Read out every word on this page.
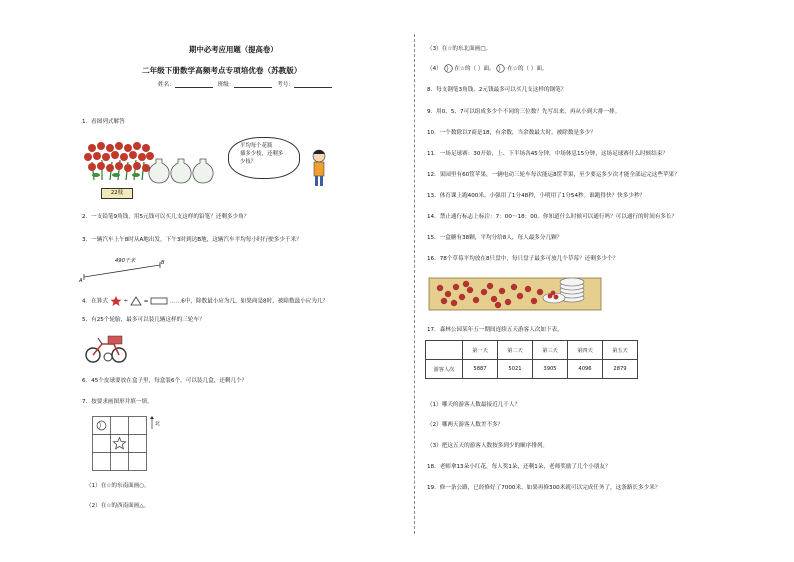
期中必考应用题（提高卷）
二年级下册数学高频考点专项培优卷（苏教版）
姓名：	班级：	考号：
1．看图列式解答
22枝
平均每个花瓶
插多少枝，还剩多
少枝？
2．一支铅笔9角钱，用5元钱可以买几支这样的铅笔？还剩多少角？
3．一辆汽车上午8时从A地出发，下午3时到达B地，这辆汽车平均每小时行驶多少千米？
490千米
A
B
4．在算式	÷	=	……6中，除数最小应为几，如果商是8时，被除数最小应为几？
5．有25个轮胎，最多可以装几辆这样的三轮车？
6．45个皮球要放在盒子里，每盒装6个，可以装几盒，还剩几个？
7．按要求画图形并填一填。
北
（1）在☆的东南面画○。
（2）在☆的西南面画△。
（3）在☆的东北面画□。
（4） 在☆的（ ）面， 在☆的（ ）面。
8．每支钢笔3角钱，2元钱最多可以买几支这样的钢笔？
9．用0、5、7可以组成多少个不同的三位数？先写出来，再从小到大排一排。
10．一个数除以7商是18，有余数，当余数最大时，被除数是多少？
11．一场足球赛：30开始，上、下半场各45分钟，中场休息15分钟，这场足球赛什么时候结束？
12．果园里有60筐苹果，一辆电动三轮车每次能运8筐苹果，至少要运多少次才能全部运完这些苹果？
13．体育课上跑400米，小强用了1分48秒，小明用了1分54秒。谁跑得快？快多少秒？
14．禁止通行标志上标注：7：00～18：00。你知道什么时候可以通行吗？可以通行的时间有多长？
15．一盒糖有38颗，平均分给8人，每人最多分几颗？
16．78个草莓平均放在8只盘中，每只盘子最多可放几个草莓？还剩多少个？
17．森林公园某年五一期间连续五天游客人次如下表。
	第一天	第二天	第三天	第四天	第五天
游客人次	5887	5021	3905	4096	2879
（1）哪天的游客人数最接近几千人？
（2）哪两天游客人数差不多？
（3）把这五天的游客人数按多到少的顺序排列。
18．老师拿13朵小红花，每人奖1朵，还剩1朵，老师奖励了几个小朋友？
19．修一条公路，已经修好了7000米，如果再修300米就可以完成任务了，这条路长多少米？
